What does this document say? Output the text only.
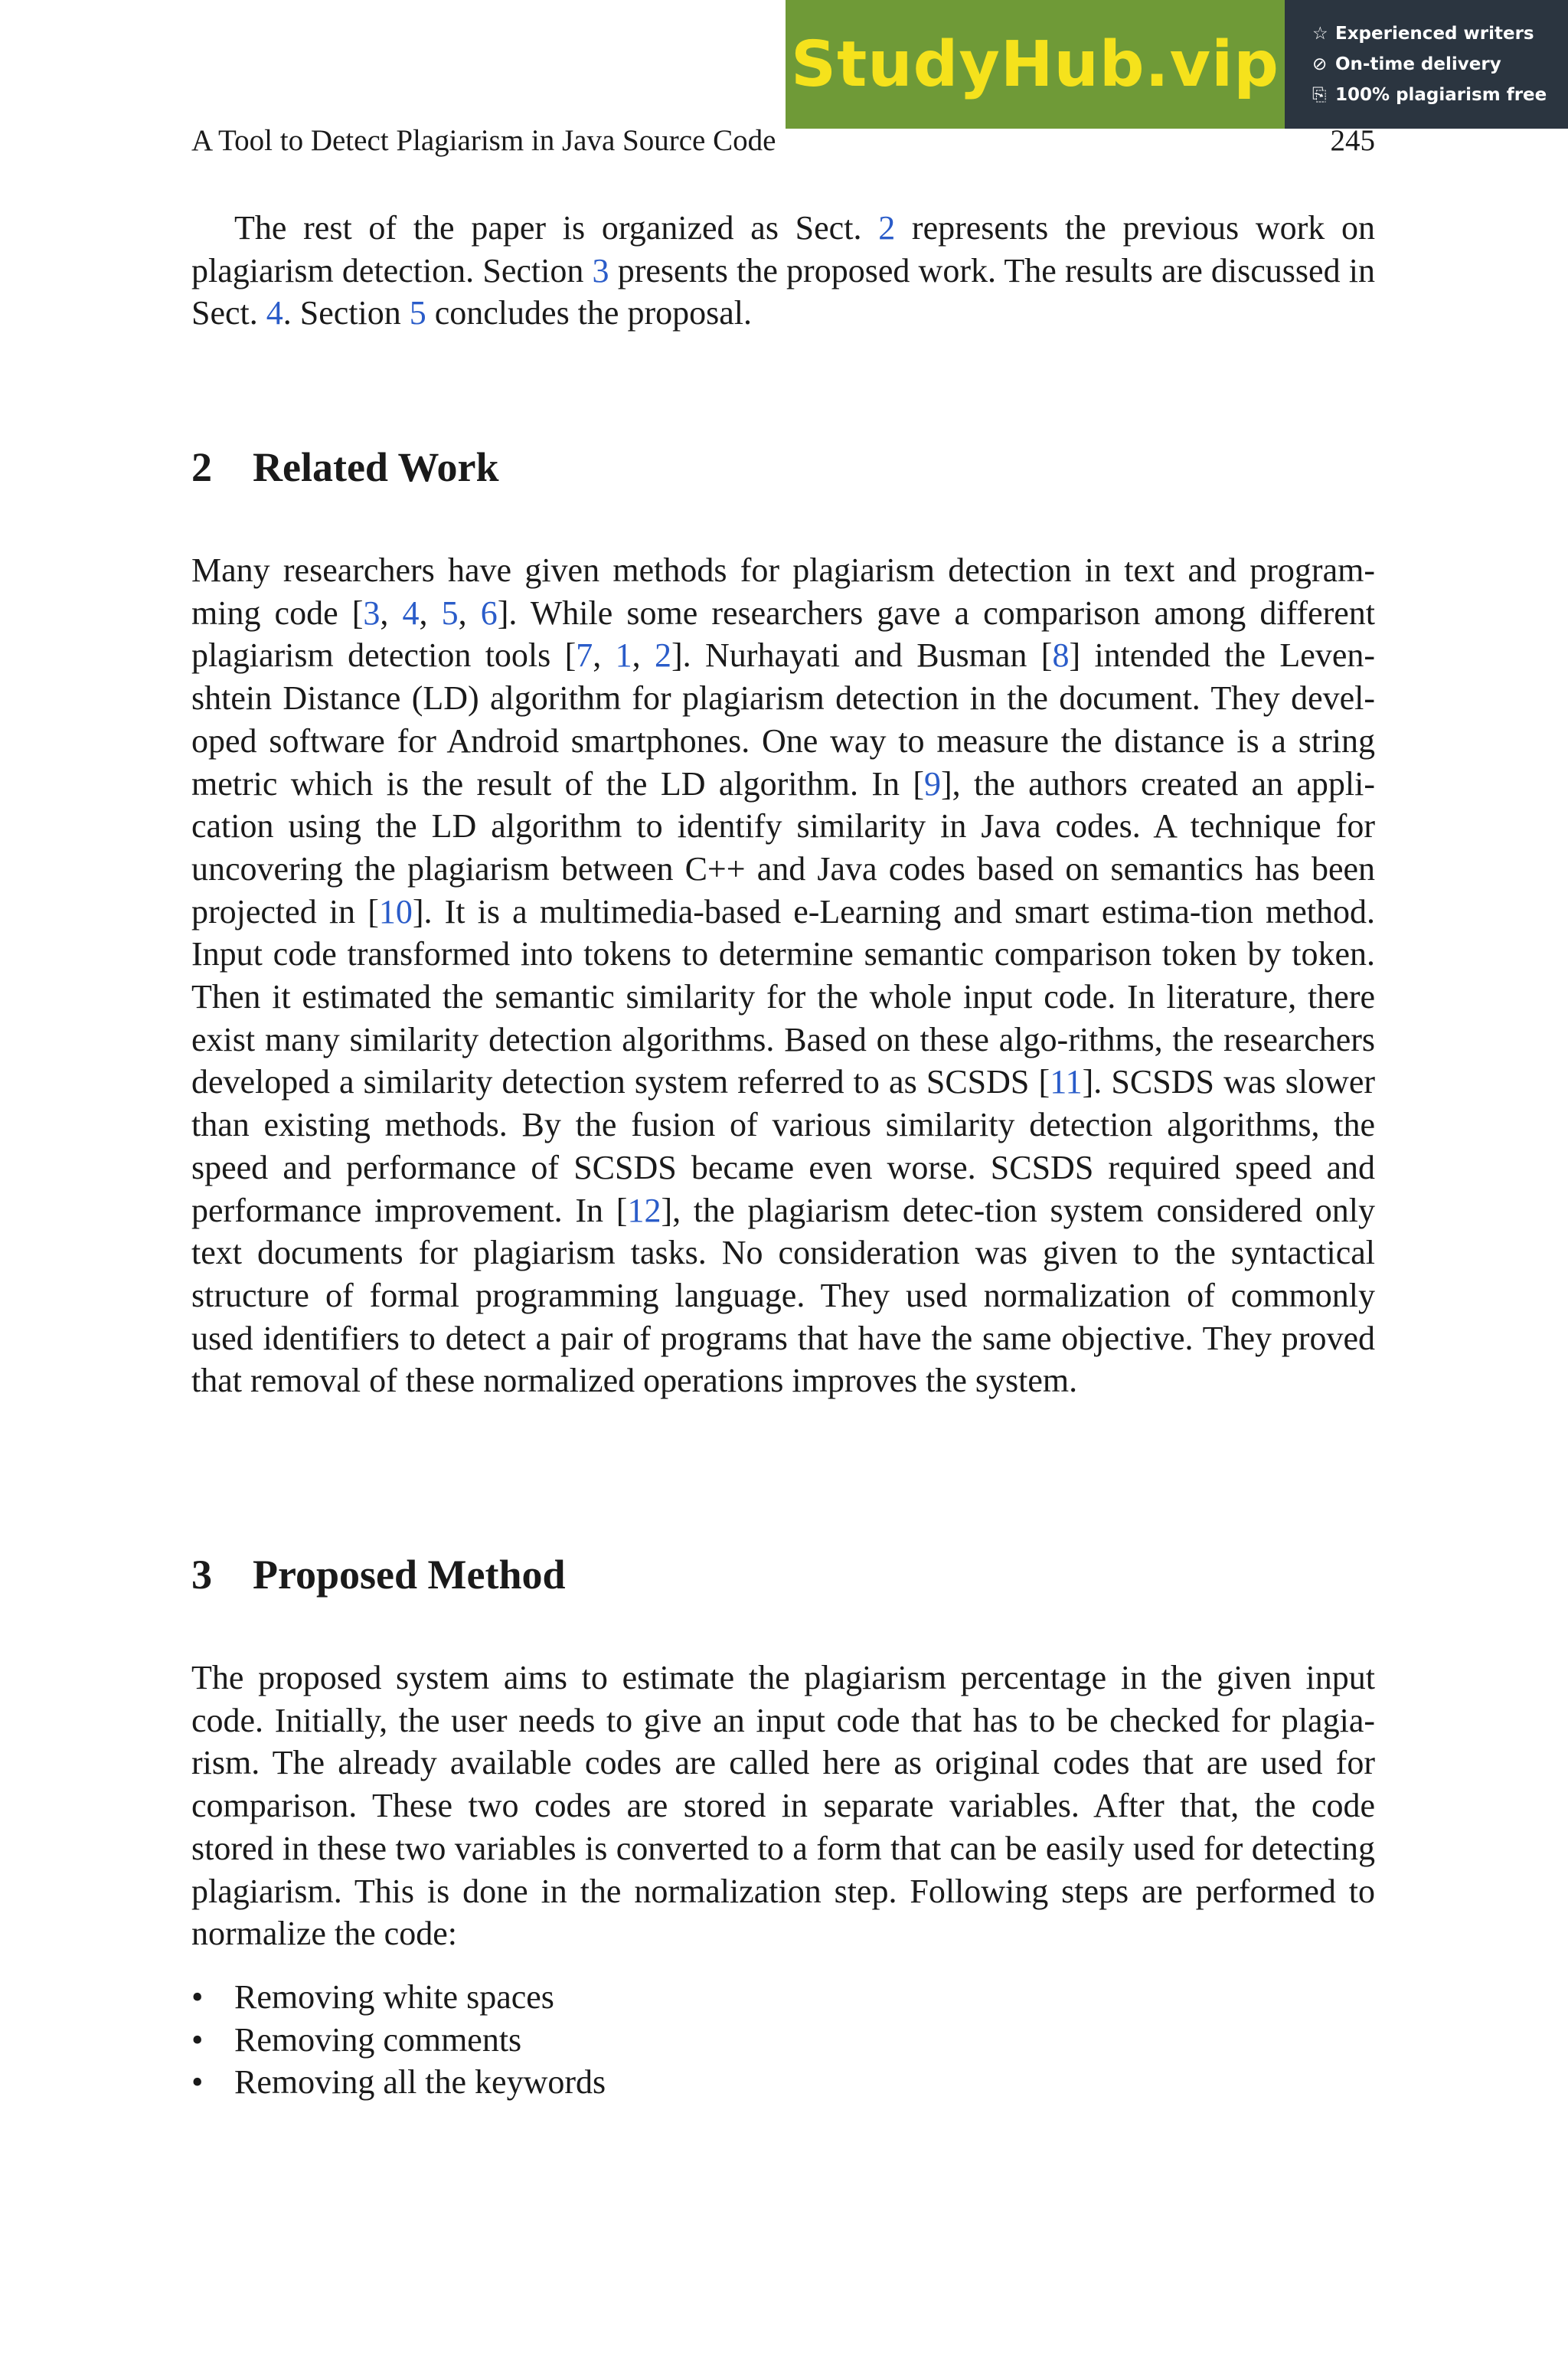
StudyHub.vip ☆ Experienced writers
⊘ On-time delivery
⎘ 100% plagiarism free
A Tool to Detect Plagiarism in Java Source Code	245

The rest of the paper is organized as Sect. 2 represents the previous work on plagiarism detection. Section 3 presents the proposed work. The results are discussed in Sect. 4. Section 5 concludes the proposal.

2 Related Work

Many researchers have given methods for plagiarism detection in text and program-ming code [3, 4, 5, 6]. While some researchers gave a comparison among different plagiarism detection tools [7, 1, 2]. Nurhayati and Busman [8] intended the Leven-shtein Distance (LD) algorithm for plagiarism detection in the document. They devel-oped software for Android smartphones. One way to measure the distance is a string metric which is the result of the LD algorithm. In [9], the authors created an appli-cation using the LD algorithm to identify similarity in Java codes. A technique for uncovering the plagiarism between C++ and Java codes based on semantics has been projected in [10]. It is a multimedia-based e-Learning and smart estima-tion method. Input code transformed into tokens to determine semantic comparison token by token. Then it estimated the semantic similarity for the whole input code. In literature, there exist many similarity detection algorithms. Based on these algo-rithms, the researchers developed a similarity detection system referred to as SCSDS [11]. SCSDS was slower than existing methods. By the fusion of various similarity detection algorithms, the speed and performance of SCSDS became even worse. SCSDS required speed and performance improvement. In [12], the plagiarism detec-tion system considered only text documents for plagiarism tasks. No consideration was given to the syntactical structure of formal programming language. They used normalization of commonly used identifiers to detect a pair of programs that have the same objective. They proved that removal of these normalized operations improves the system.

3 Proposed Method

The proposed system aims to estimate the plagiarism percentage in the given input code. Initially, the user needs to give an input code that has to be checked for plagia-rism. The already available codes are called here as original codes that are used for comparison. These two codes are stored in separate variables. After that, the code stored in these two variables is converted to a form that can be easily used for detecting plagiarism. This is done in the normalization step. Following steps are performed to normalize the code:

• Removing white spaces
• Removing comments
• Removing all the keywords
